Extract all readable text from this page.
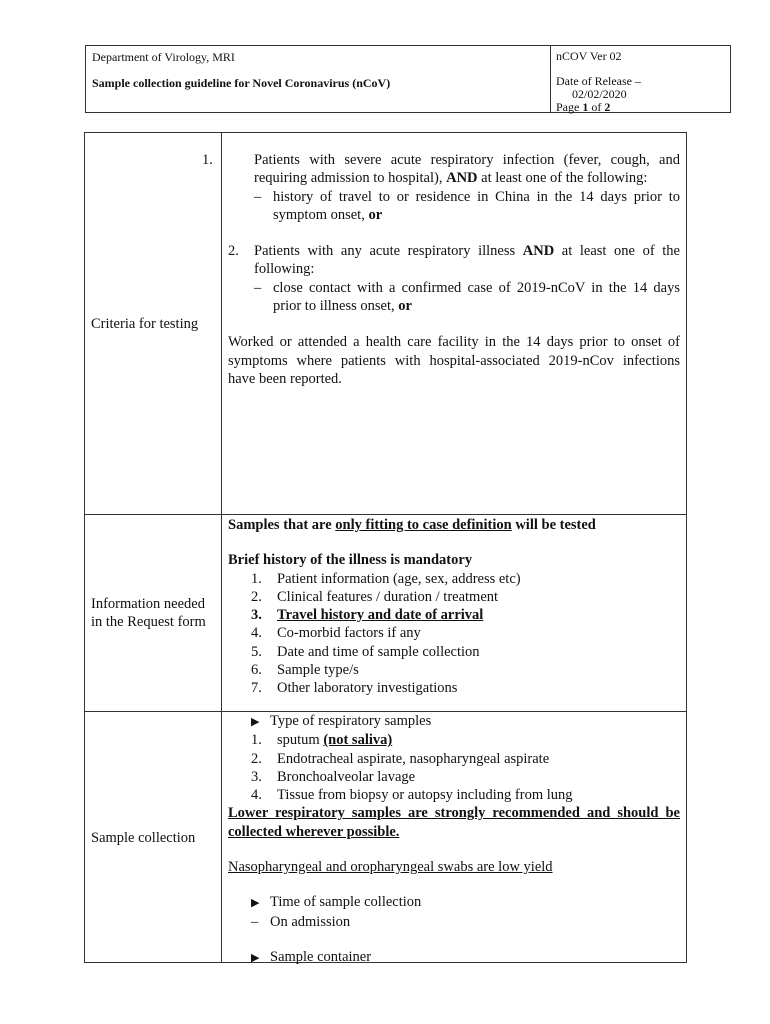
Department of Virology, MRI
Sample collection guideline for Novel Coronavirus (nCoV)
nCOV Ver 02
Date of Release –
02/02/2020
Page 1 of 2
Criteria for testing
1.	Patients with severe acute respiratory infection (fever, cough, and
requiring admission to hospital), AND at least one of the following:
– history of travel to or residence in China in the 14 days prior to
symptom onset, or
2. Patients with any acute respiratory illness AND at least one of the
following:
– close contact with a confirmed case of 2019-nCoV in the 14 days
prior to illness onset, or
Worked or attended a health care facility in the 14 days prior to onset of
symptoms where patients with hospital-associated 2019-nCov infections
have been reported.
Information needed
in the Request form
Samples that are only fitting to case definition will be tested
Brief history of the illness is mandatory
1. Patient information (age, sex, address etc)
2. Clinical features / duration / treatment
3. Travel history and date of arrival
4. Co-morbid factors if any
5. Date and time of sample collection
6. Sample type/s
7. Other laboratory investigations
Sample collection
▶ Type of respiratory samples
1. sputum (not saliva)
2. Endotracheal aspirate, nasopharyngeal aspirate
3. Bronchoalveolar lavage
4. Tissue from biopsy or autopsy including from lung
Lower respiratory samples are strongly recommended and should be
collected wherever possible.
Nasopharyngeal and oropharyngeal swabs are low yield
▶ Time of sample collection
– On admission
▶ Sample container
